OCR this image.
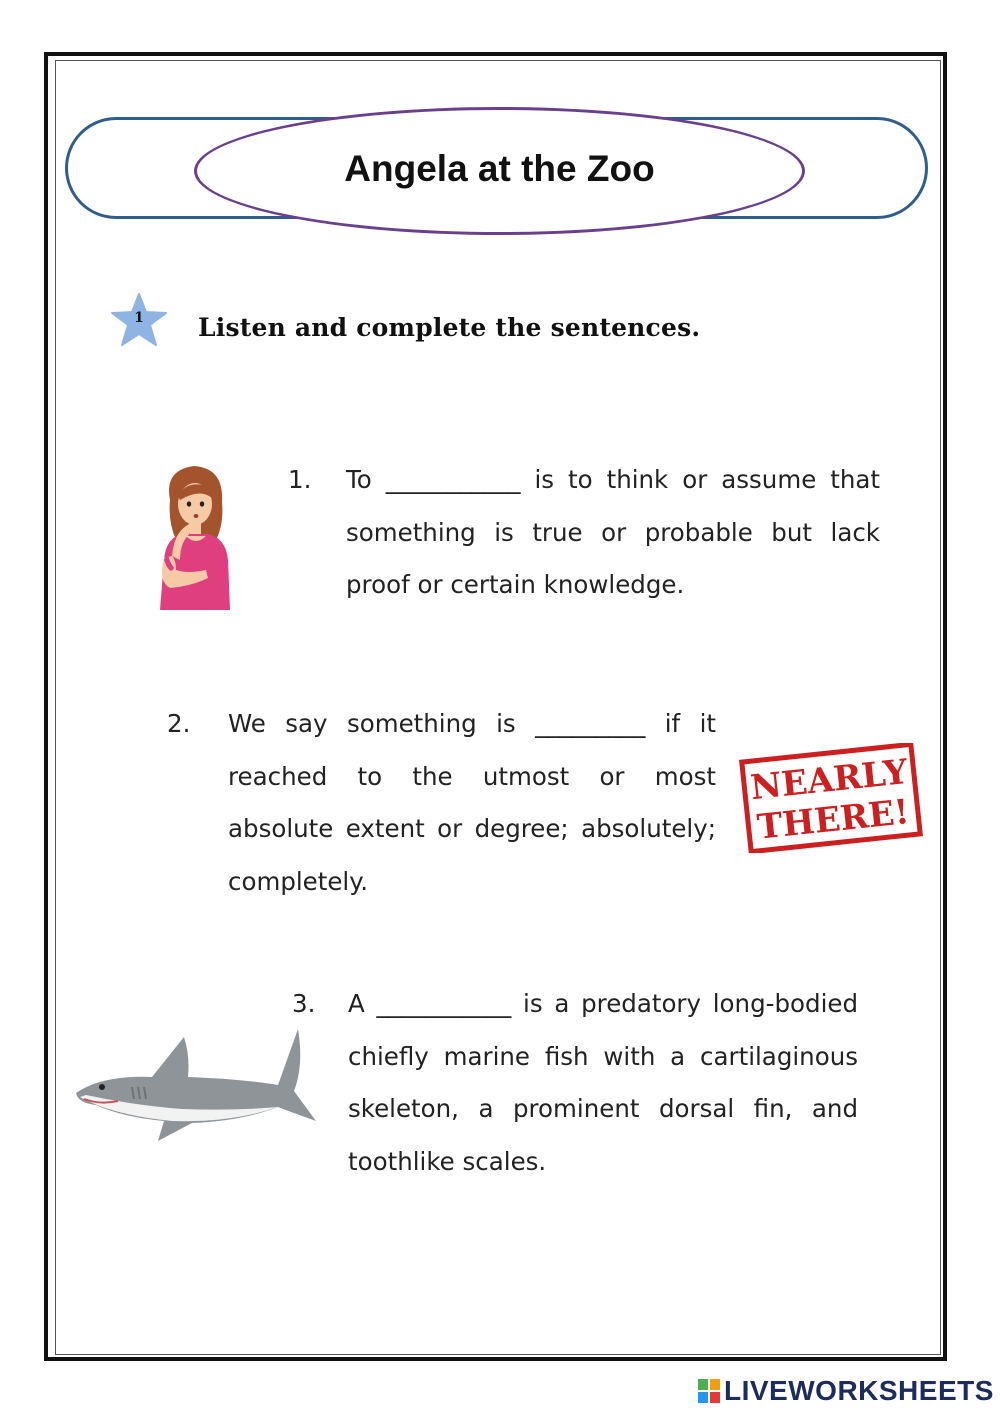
Angela at the Zoo
1	Listen and complete the sentences.
1. To ___________ is to think or assume that something is true or probable but lack proof or certain knowledge.
2. We say something is _________ if it reached to the utmost or most absolute extent or degree; absolutely; completely.
NEARLY
THERE!
3. A ___________ is a predatory long-bodied chiefly marine fish with a cartilaginous skeleton, a prominent dorsal fin, and toothlike scales.
LIVEWORKSHEETS
